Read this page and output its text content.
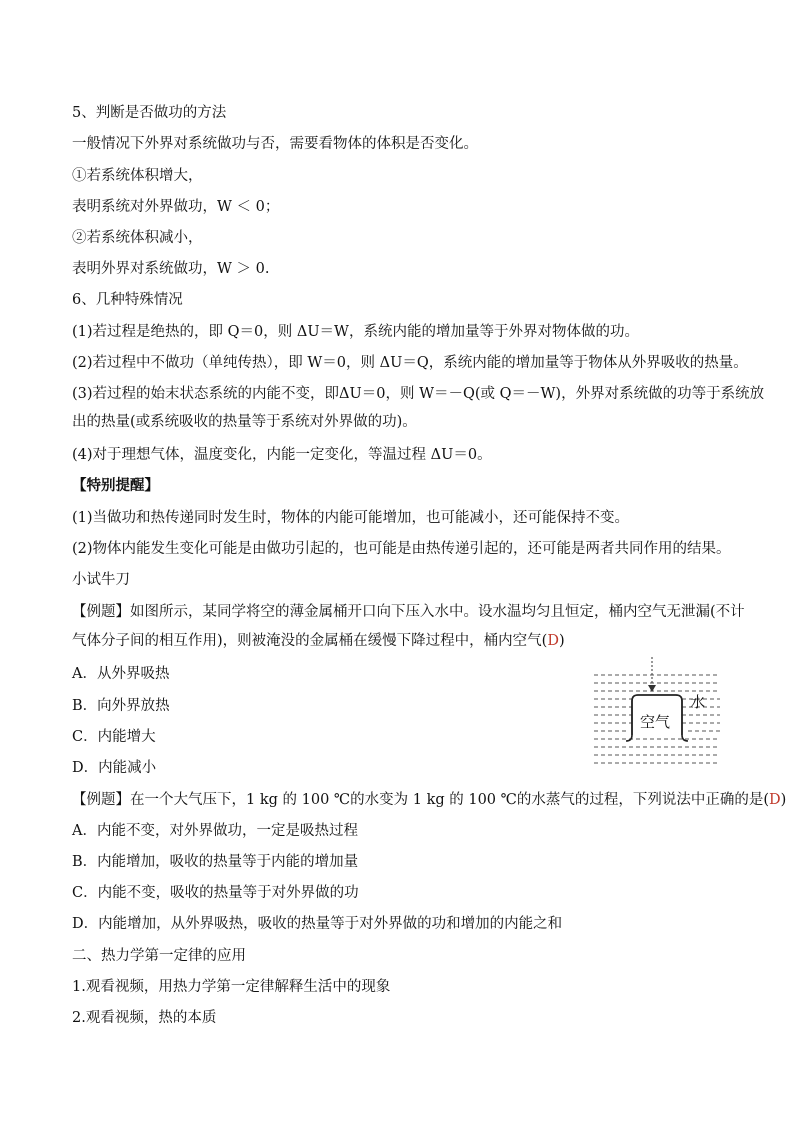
5、判断是否做功的方法
一般情况下外界对系统做功与否，需要看物体的体积是否变化。
①若系统体积增大，
表明系统对外界做功，W ＜ 0；
②若系统体积减小，
表明外界对系统做功，W ＞ 0.
6、几种特殊情况
(1)若过程是绝热的，即 Q＝0，则 ΔU＝W，系统内能的增加量等于外界对物体做的功。
(2)若过程中不做功（单纯传热），即 W＝0，则 ΔU＝Q，系统内能的增加量等于物体从外界吸收的热量。
(3)若过程的始末状态系统的内能不变，即ΔU＝0，则 W＝－Q(或 Q＝－W)，外界对系统做的功等于系统放
出的热量(或系统吸收的热量等于系统对外界做的功)。
(4)对于理想气体，温度变化，内能一定变化，等温过程 ΔU＝0。
【特别提醒】
(1)当做功和热传递同时发生时，物体的内能可能增加，也可能减小，还可能保持不变。
(2)物体内能发生变化可能是由做功引起的，也可能是由热传递引起的，还可能是两者共同作用的结果。
小试牛刀
【例题】如图所示，某同学将空的薄金属桶开口向下压入水中。设水温均匀且恒定，桶内空气无泄漏(不计
气体分子间的相互作用)，则被淹没的金属桶在缓慢下降过程中，桶内空气(D)
A．从外界吸热
B．向外界放热
C．内能增大
D．内能减小
水
空气
【例题】在一个大气压下，1 kg 的 100 ℃的水变为 1 kg 的 100 ℃的水蒸气的过程，下列说法中正确的是(D)
A．内能不变，对外界做功，一定是吸热过程
B．内能增加，吸收的热量等于内能的增加量
C．内能不变，吸收的热量等于对外界做的功
D．内能增加，从外界吸热，吸收的热量等于对外界做的功和增加的内能之和
二、热力学第一定律的应用
1.观看视频，用热力学第一定律解释生活中的现象
2.观看视频，热的本质
